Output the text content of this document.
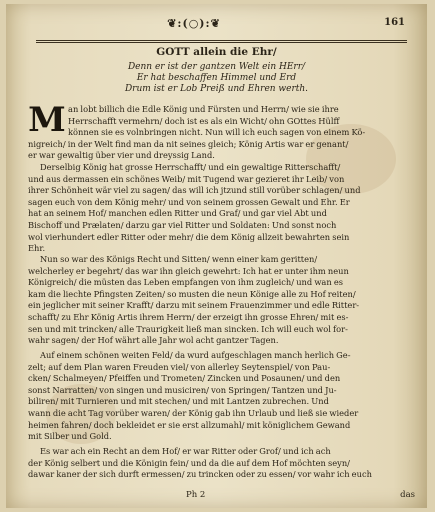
❦:(○):❦	161
GOTT allein die Ehr/
Denn er ist der gantzen Welt ein HErr/
Er hat beschaffen Himmel und Erd
Drum ist er Lob Preiß und Ehren werth.
M an lobt billich die Edle König und Fürsten und Herrn/ wie sie ihre
Herrschafft vermehrn/ doch ist es als ein Wicht/ ohn GOttes Hülff
können sie es volnbringen nicht. Nun will ich euch sagen von einem Kö-
nigreich/ in der Welt find man da nit seines gleich; König Artis war er genant/
er war gewaltig über vier und dreyssig Land.
Derselbig König hat grosse Herrschafft/ und ein gewaltige Ritterschafft/
und aus dermassen ein schönes Weib/ mit Tugend war gezieret ihr Leib/ von
ihrer Schönheit wär viel zu sagen/ das will ich jtzund still vorüber schlagen/ und
sagen euch von dem König mehr/ und von seinem grossen Gewalt und Ehr. Er
hat an seinem Hof/ manchen edlen Ritter und Graf/ und gar viel Abt und
Bischoff und Prælaten/ darzu gar viel Ritter und Soldaten: Und sonst noch
wol vierhundert edler Ritter oder mehr/ die dem König allzeit bewahrten sein
Ehr.
Nun so war des Königs Recht und Sitten/ wenn einer kam geritten/
welcherley er begehrt/ das war ihn gleich gewehrt: Ich hat er unter ihm neun
Königreich/ die müsten das Leben empfangen von ihm zugleich/ und wan es
kam die liechte Pfingsten Zeiten/ so musten die neun Könige alle zu Hof reiten/
ein jeglicher mit seiner Krafft/ darzu mit seinem Frauenzimmer und edle Ritter-
schafft/ zu Ehr König Artis ihrem Herrn/ der erzeigt ihn grosse Ehren/ mit es-
sen und mit trincken/ alle Traurigkeit ließ man sincken. Ich will euch wol for-
wahr sagen/ der Hof währt alle Jahr wol acht gantzer Tagen.
Auf einem schönen weiten Feld/ da wurd aufgeschlagen manch herlich Ge-
zelt; auf dem Plan waren Freuden viel/ von allerley Seytenspiel/ von Pau-
cken/ Schalmeyen/ Pfeiffen und Trometen/ Zincken und Posaunen/ und den
sonst Narratten/ von singen und musiciren/ von Springen/ Tantzen und Ju-
biliren/ mit Turnieren und mit stechen/ und mit Lantzen zubrechen. Und
wann die acht Tag vorüber waren/ der König gab ihn Urlaub und ließ sie wieder
heimen fahren/ doch bekleidet er sie erst allzumahl/ mit königlichem Gewand
mit Silber und Gold.
Es war ach ein Recht an dem Hof/ er war Ritter oder Grof/ und ich ach
der König selbert und die Königin fein/ und da die auf dem Hof möchten seyn/
dawar kaner der sich durft ermessen/ zu trincken oder zu essen/ vor wahr ich euch
Ph 2	das
